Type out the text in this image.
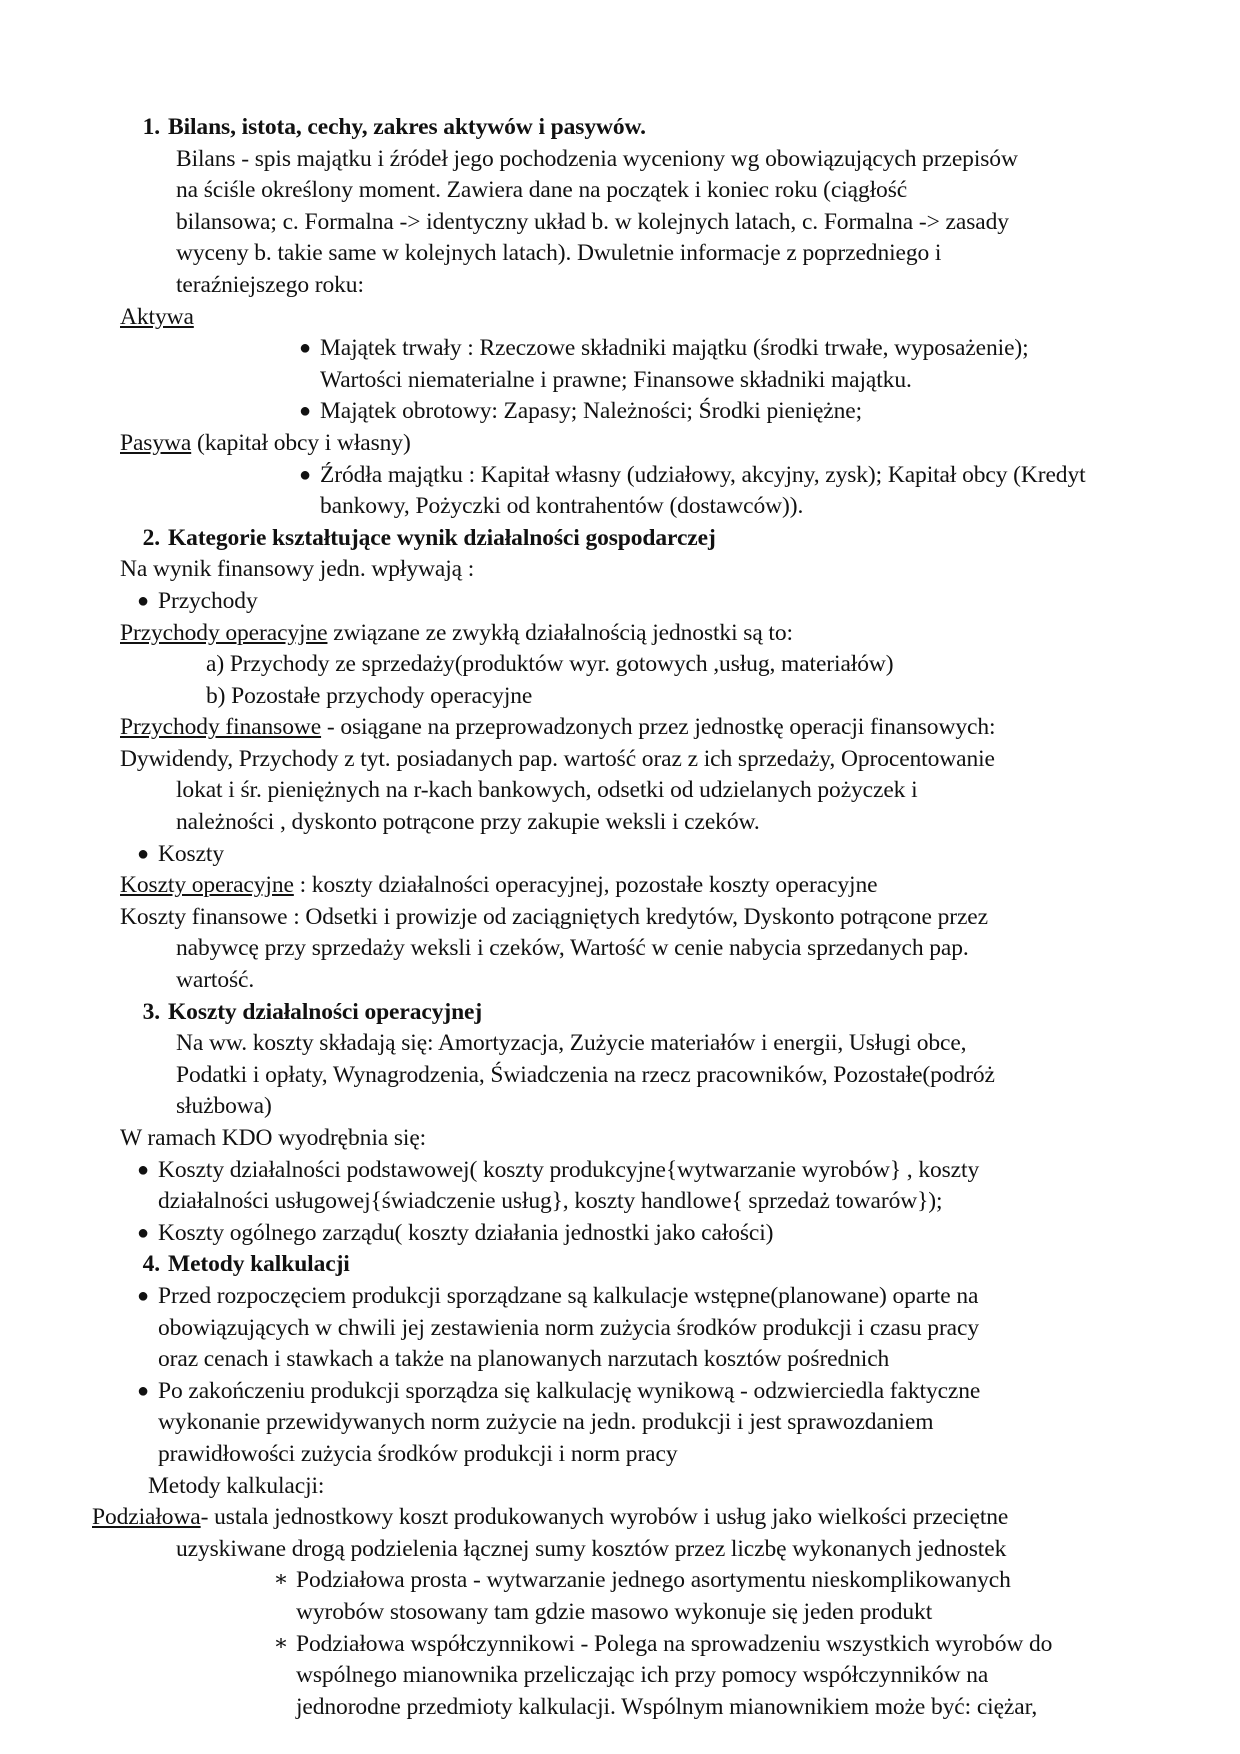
1. Bilans, istota, cechy, zakres aktywów i pasywów.
Bilans - spis majątku i źródeł jego pochodzenia wyceniony wg obowiązujących przepisów
na ściśle określony moment. Zawiera dane na początek i koniec roku (ciągłość
bilansowa; c. Formalna -> identyczny układ b. w kolejnych latach, c. Formalna -> zasady
wyceny b. takie same w kolejnych latach). Dwuletnie informacje z poprzedniego i
teraźniejszego roku:
Aktywa
● Majątek trwały : Rzeczowe składniki majątku (środki trwałe, wyposażenie);
Wartości niematerialne i prawne; Finansowe składniki majątku.
● Majątek obrotowy: Zapasy; Należności; Środki pieniężne;
Pasywa (kapitał obcy i własny)
● Źródła majątku : Kapitał własny (udziałowy, akcyjny, zysk); Kapitał obcy (Kredyt
bankowy, Pożyczki od kontrahentów (dostawców)).
2. Kategorie kształtujące wynik działalności gospodarczej
Na wynik finansowy jedn. wpływają :
● Przychody
Przychody operacyjne związane ze zwykłą działalnością jednostki są to:
a) Przychody ze sprzedaży(produktów wyr. gotowych ,usług, materiałów)
b) Pozostałe przychody operacyjne
Przychody finansowe - osiągane na przeprowadzonych przez jednostkę operacji finansowych:
Dywidendy, Przychody z tyt. posiadanych pap. wartość oraz z ich sprzedaży, Oprocentowanie
lokat i śr. pieniężnych na r-kach bankowych, odsetki od udzielanych pożyczek i
należności , dyskonto potrącone przy zakupie weksli i czeków.
● Koszty
Koszty operacyjne : koszty działalności operacyjnej, pozostałe koszty operacyjne
Koszty finansowe : Odsetki i prowizje od zaciągniętych kredytów, Dyskonto potrącone przez
nabywcę przy sprzedaży weksli i czeków, Wartość w cenie nabycia sprzedanych pap.
wartość.
3. Koszty działalności operacyjnej
Na ww. koszty składają się: Amortyzacja, Zużycie materiałów i energii, Usługi obce,
Podatki i opłaty, Wynagrodzenia, Świadczenia na rzecz pracowników, Pozostałe(podróż
służbowa)
W ramach KDO wyodrębnia się:
● Koszty działalności podstawowej( koszty produkcyjne{wytwarzanie wyrobów} , koszty
działalności usługowej{świadczenie usług}, koszty handlowe{ sprzedaż towarów});
● Koszty ogólnego zarządu( koszty działania jednostki jako całości)
4. Metody kalkulacji
● Przed rozpoczęciem produkcji sporządzane są kalkulacje wstępne(planowane) oparte na
obowiązujących w chwili jej zestawienia norm zużycia środków produkcji i czasu pracy
oraz cenach i stawkach a także na planowanych narzutach kosztów pośrednich
● Po zakończeniu produkcji sporządza się kalkulację wynikową - odzwierciedla faktyczne
wykonanie przewidywanych norm zużycie na jedn. produkcji i jest sprawozdaniem
prawidłowości zużycia środków produkcji i norm pracy
Metody kalkulacji:
Podziałowa- ustala jednostkowy koszt produkowanych wyrobów i usług jako wielkości przeciętne
uzyskiwane drogą podzielenia łącznej sumy kosztów przez liczbę wykonanych jednostek
∗ Podziałowa prosta - wytwarzanie jednego asortymentu nieskomplikowanych
wyrobów stosowany tam gdzie masowo wykonuje się jeden produkt
∗ Podziałowa współczynnikowi - Polega na sprowadzeniu wszystkich wyrobów do
wspólnego mianownika przeliczając ich przy pomocy współczynników na
jednorodne przedmioty kalkulacji. Wspólnym mianownikiem może być: ciężar,
